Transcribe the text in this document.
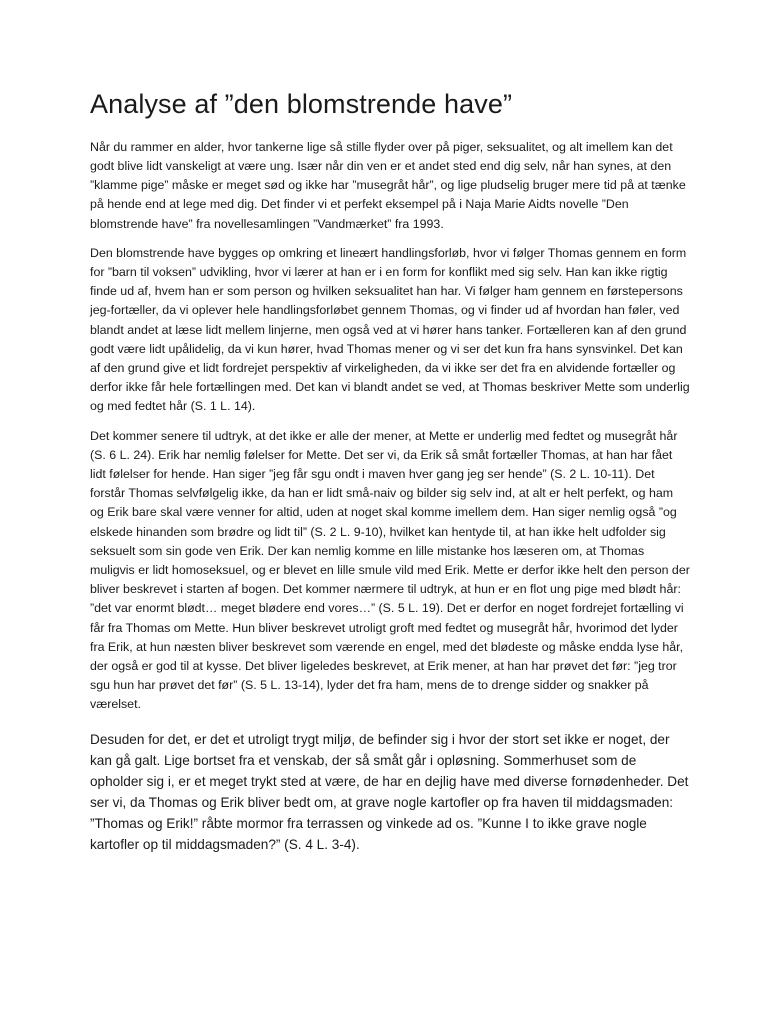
Analyse af ”den blomstrende have”

Når du rammer en alder, hvor tankerne lige så stille flyder over på piger, seksualitet, og alt imellem kan det godt blive lidt vanskeligt at være ung. Især når din ven er et andet sted end dig selv, når han synes, at den ”klamme pige” måske er meget sød og ikke har ”musegråt hår”, og lige pludselig bruger mere tid på at tænke på hende end at lege med dig. Det finder vi et perfekt eksempel på i Naja Marie Aidts novelle ”Den blomstrende have” fra novellesamlingen ”Vandmærket” fra 1993.

Den blomstrende have bygges op omkring et lineært handlingsforløb, hvor vi følger Thomas gennem en form for ”barn til voksen” udvikling, hvor vi lærer at han er i en form for konflikt med sig selv. Han kan ikke rigtig finde ud af, hvem han er som person og hvilken seksualitet han har. Vi følger ham gennem en førstepersons jeg-fortæller, da vi oplever hele handlingsforløbet gennem Thomas, og vi finder ud af hvordan han føler, ved blandt andet at læse lidt mellem linjerne, men også ved at vi hører hans tanker. Fortælleren kan af den grund godt være lidt upålidelig, da vi kun hører, hvad Thomas mener og vi ser det kun fra hans synsvinkel. Det kan af den grund give et lidt fordrejet perspektiv af virkeligheden, da vi ikke ser det fra en alvidende fortæller og derfor ikke får hele fortællingen med. Det kan vi blandt andet se ved, at Thomas beskriver Mette som underlig og med fedtet hår (S. 1 L. 14).

Det kommer senere til udtryk, at det ikke er alle der mener, at Mette er underlig med fedtet og musegråt hår (S. 6 L. 24). Erik har nemlig følelser for Mette. Det ser vi, da Erik så småt fortæller Thomas, at han har fået lidt følelser for hende. Han siger ”jeg får sgu ondt i maven hver gang jeg ser hende” (S. 2 L. 10-11). Det forstår Thomas selvfølgelig ikke, da han er lidt små-naiv og bilder sig selv ind, at alt er helt perfekt, og ham og Erik bare skal være venner for altid, uden at noget skal komme imellem dem. Han siger nemlig også ”og elskede hinanden som brødre og lidt til” (S. 2 L. 9-10), hvilket kan hentyde til, at han ikke helt udfolder sig seksuelt som sin gode ven Erik. Der kan nemlig komme en lille mistanke hos læseren om, at Thomas muligvis er lidt homoseksuel, og er blevet en lille smule vild med Erik. Mette er derfor ikke helt den person der bliver beskrevet i starten af bogen. Det kommer nærmere til udtryk, at hun er en flot ung pige med blødt hår: ”det var enormt blødt… meget blødere end vores…” (S. 5 L. 19). Det er derfor en noget fordrejet fortælling vi får fra Thomas om Mette. Hun bliver beskrevet utroligt groft med fedtet og musegråt hår, hvorimod det lyder fra Erik, at hun næsten bliver beskrevet som værende en engel, med det blødeste og måske endda lyse hår, der også er god til at kysse. Det bliver ligeledes beskrevet, at Erik mener, at han har prøvet det før: ”jeg tror sgu hun har prøvet det før” (S. 5 L. 13-14), lyder det fra ham, mens de to drenge sidder og snakker på værelset.

Desuden for det, er det et utroligt trygt miljø, de befinder sig i hvor der stort set ikke er noget, der kan gå galt. Lige bortset fra et venskab, der så småt går i opløsning. Sommerhuset som de opholder sig i, er et meget trykt sted at være, de har en dejlig have med diverse fornødenheder. Det ser vi, da Thomas og Erik bliver bedt om, at grave nogle kartofler op fra haven til middagsmaden: ”Thomas og Erik!” råbte mormor fra terrassen og vinkede ad os. ”Kunne I to ikke grave nogle kartofler op til middagsmaden?” (S. 4 L. 3-4).
